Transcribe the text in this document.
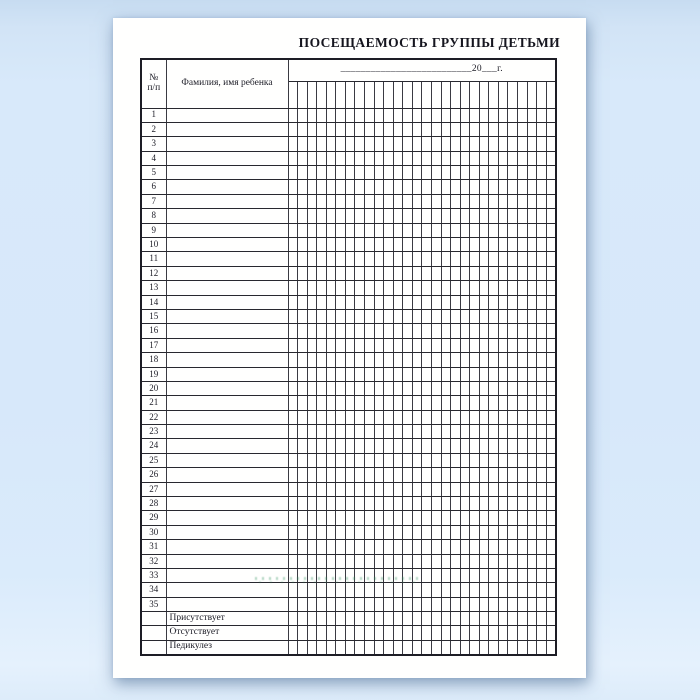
ПОСЕЩАЕМОСТЬ ГРУППЫ ДЕТЬМИ
№
п/п	Фамилия, имя ребенка	__________________________20___г.																											

1																													
2																													
3																													
4																													
5																													
6																													
7																													
8																													
9																													
10																													
11																													
12																													
13																													
14																													
15																													
16																													
17																													
18																													
19																													
20																													
21																													
22																													
23																													
24																													
25																													
26																													
27																													
28																													
29																													
30																													
31																													
32																													
33																													
34																													
35																													
	Присутствует																												
	Отсутствует																												
	Педикулез																												
